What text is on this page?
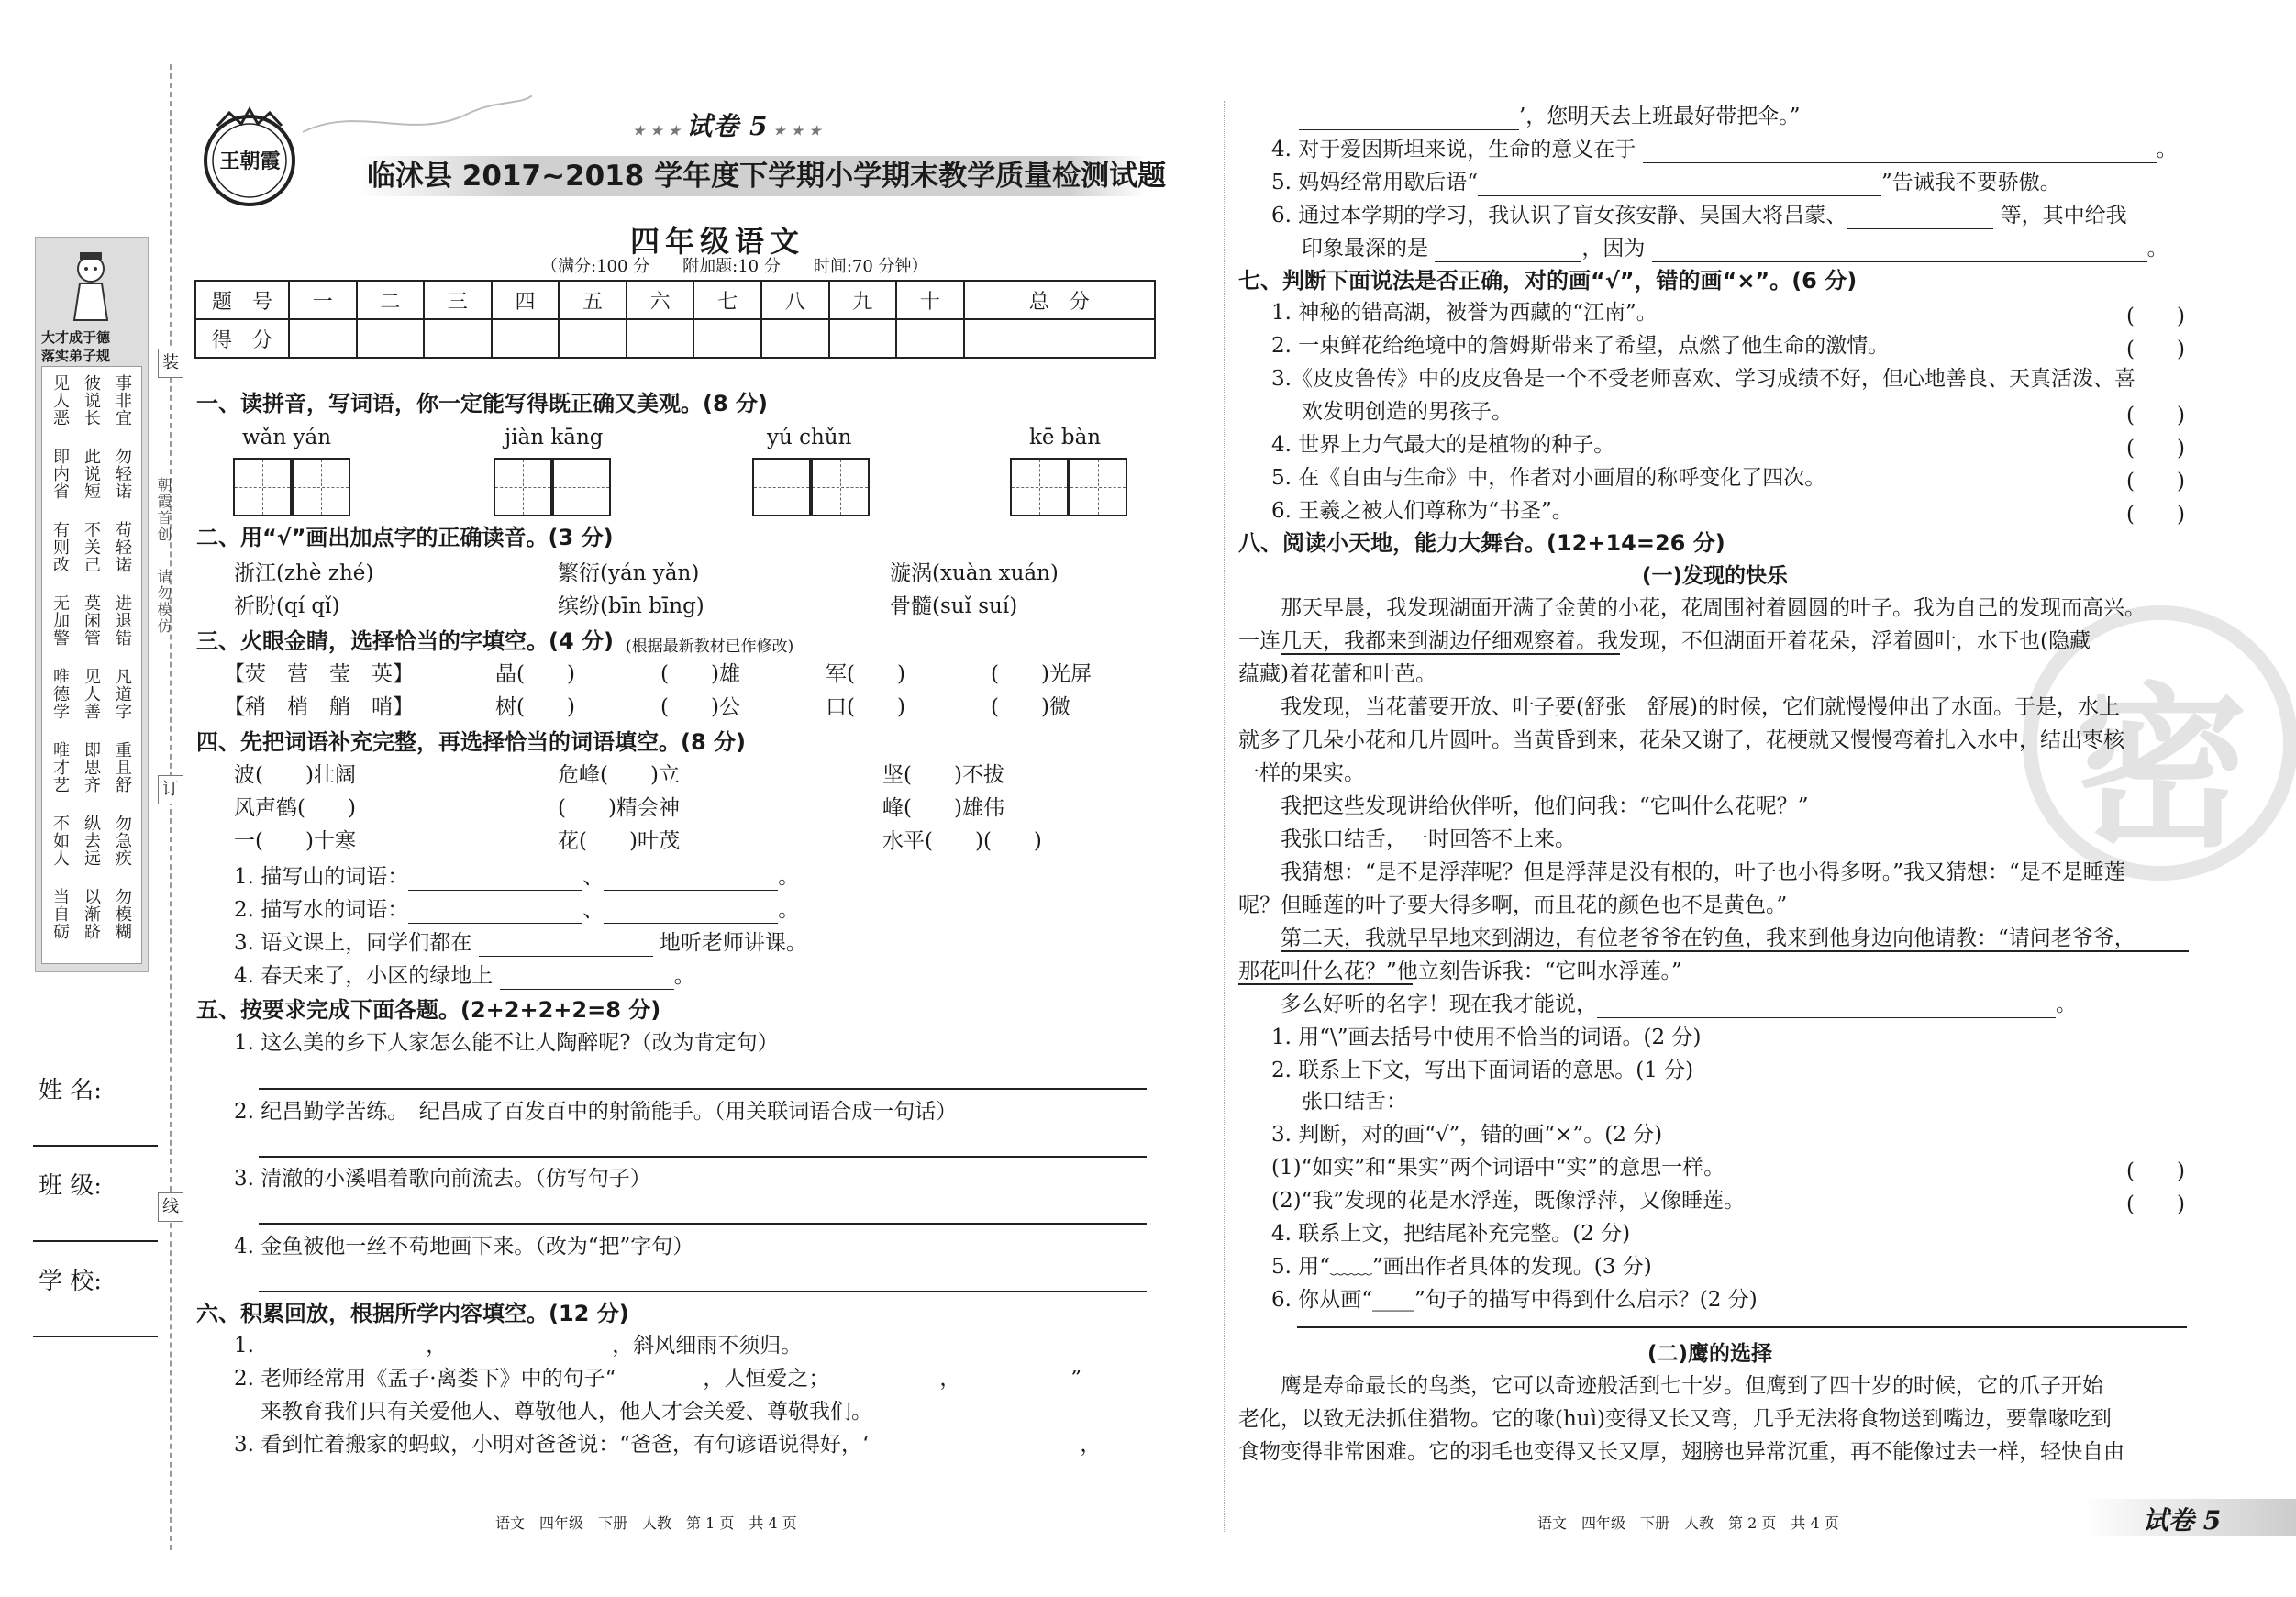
装
订
线
朝霞首创
请勿模仿
大才成于德
落实弟子规
见人恶 彼说长 事非宜
即内省 此说短 勿轻诺
有则改 不关己 苟轻诺
无加警 莫闲管 进退错
唯德学 见人善 凡道字
唯才艺 即思齐 重且舒
不如人 纵去远 勿急疾
当自砺 以渐跻 勿模糊
姓 名:
班 级:
学 校:
王朝霞
★ ★ ★ 试卷 5 ★ ★ ★
临沭县 2017~2018 学年度下学期小学期末教学质量检测试题
四年级语文
（满分:100 分　　附加题:10 分　　时间:70 分钟）
题　号	一	二	三	四	五	六	七	八	九	十	总　分
得　分											
一、读拼音，写词语，你一定能写得既正确又美观。(8 分)
wǎn yán	jiàn kāng	yú chǔn	kē bàn
二、用“√”画出加点字的正确读音。(3 分)
浙江(zhè zhé)	繁衍(yán yǎn)	漩涡(xuàn xuán)
祈盼(qí qǐ)	缤纷(bīn bīng)	骨髓(suǐ suí)
三、火眼金睛，选择恰当的字填空。(4 分) (根据最新教材已作修改)
【荧　营　莹　英】	晶(　　)	(　　)雄	军(　　)	(　　)光屏
【稍　梢　艄　哨】	树(　　)	(　　)公	口(　　)	(　　)微
四、先把词语补充完整，再选择恰当的词语填空。(8 分)
波(　　)壮阔	危峰(　　)立	坚(　　)不拔
风声鹤(　　)	(　　)精会神	峰(　　)雄伟
一(　　)十寒	花(　　)叶茂	水平(　　)(　　)
1. 描写山的词语：	、	。
2. 描写水的词语：	、	。
3. 语文课上，同学们都在	地听老师讲课。
4. 春天来了，小区的绿地上	。
五、按要求完成下面各题。(2+2+2+2=8 分)
1. 这么美的乡下人家怎么能不让人陶醉呢?（改为肯定句）
2. 纪昌勤学苦练。　纪昌成了百发百中的射箭能手。（用关联词语合成一句话）
3. 清澈的小溪唱着歌向前流去。（仿写句子）
4. 金鱼被他一丝不苟地画下来。（改为“把”字句）
六、积累回放，根据所学内容填空。(12 分)
1.	，	，斜风细雨不须归。
2. 老师经常用《孟子·离娄下》中的句子“	，人恒爱之；	，	”
来教育我们只有关爱他人、尊敬他人，他人才会关爱、尊敬我们。
3. 看到忙着搬家的蚂蚁，小明对爸爸说：“爸爸，有句谚语说得好，‘	，
语文　四年级　下册　人教　第 1 页　共 4 页
’，您明天去上班最好带把伞。”
4. 对于爱因斯坦来说，生命的意义在于	。
5. 妈妈经常用歇后语“	”告诫我不要骄傲。
6. 通过本学期的学习，我认识了盲女孩安静、吴国大将吕蒙、	等，其中给我
印象最深的是	，因为	。
七、判断下面说法是否正确，对的画“√”，错的画“×”。(6 分)
1. 神秘的错高湖，被誉为西藏的“江南”。	(　　)
2. 一束鲜花给绝境中的詹姆斯带来了希望，点燃了他生命的激情。	(　　)
3.《皮皮鲁传》中的皮皮鲁是一个不受老师喜欢、学习成绩不好，但心地善良、天真活泼、喜
欢发明创造的男孩子。	(　　)
4. 世界上力气最大的是植物的种子。	(　　)
5. 在《自由与生命》中，作者对小画眉的称呼变化了四次。	(　　)
6. 王羲之被人们尊称为“书圣”。	(　　)
八、阅读小天地，能力大舞台。(12+14=26 分)
(一)发现的快乐
密
那天早晨，我发现湖面开满了金黄的小花，花周围衬着圆圆的叶子。我为自己的发现而高兴。
一连几天，我都来到湖边仔细观察着。我发现，不但湖面开着花朵，浮着圆叶，水下也(隐藏
蕴藏)着花蕾和叶芭。
我发现，当花蕾要开放、叶子要(舒张　舒展)的时候，它们就慢慢伸出了水面。于是，水上
就多了几朵小花和几片圆叶。当黄昏到来，花朵又谢了，花梗就又慢慢弯着扎入水中，结出枣核
一样的果实。
我把这些发现讲给伙伴听，他们问我：“它叫什么花呢？”
我张口结舌，一时回答不上来。
我猜想：“是不是浮萍呢？但是浮萍是没有根的，叶子也小得多呀。”我又猜想：“是不是睡莲
呢？但睡莲的叶子要大得多啊，而且花的颜色也不是黄色。”
第二天，我就早早地来到湖边，有位老爷爷在钓鱼，我来到他身边向他请教：“请问老爷爷，
那花叫什么花？”他立刻告诉我：“它叫水浮莲。”
多么好听的名字！现在我才能说，	。
1. 用“\”画去括号中使用不恰当的词语。(2 分)
2. 联系上下文，写出下面词语的意思。(1 分)
张口结舌：
3. 判断，对的画“√”，错的画“×”。(2 分)
(1)“如实”和“果实”两个词语中“实”的意思一样。	(　　)
(2)“我”发现的花是水浮莲，既像浮萍，又像睡莲。	(　　)
4. 联系上文，把结尾补充完整。(2 分)
5. 用“﹏﹏”画出作者具体的发现。(3 分)
6. 你从画“____”句子的描写中得到什么启示？(2 分)
(二)鹰的选择
鹰是寿命最长的鸟类，它可以奇迹般活到七十岁。但鹰到了四十岁的时候，它的爪子开始
老化，以致无法抓住猎物。它的喙(huì)变得又长又弯，几乎无法将食物送到嘴边，要靠喙吃到
食物变得非常困难。它的羽毛也变得又长又厚，翅膀也异常沉重，再不能像过去一样，轻快自由
语文　四年级　下册　人教　第 2 页　共 4 页	试卷 5
